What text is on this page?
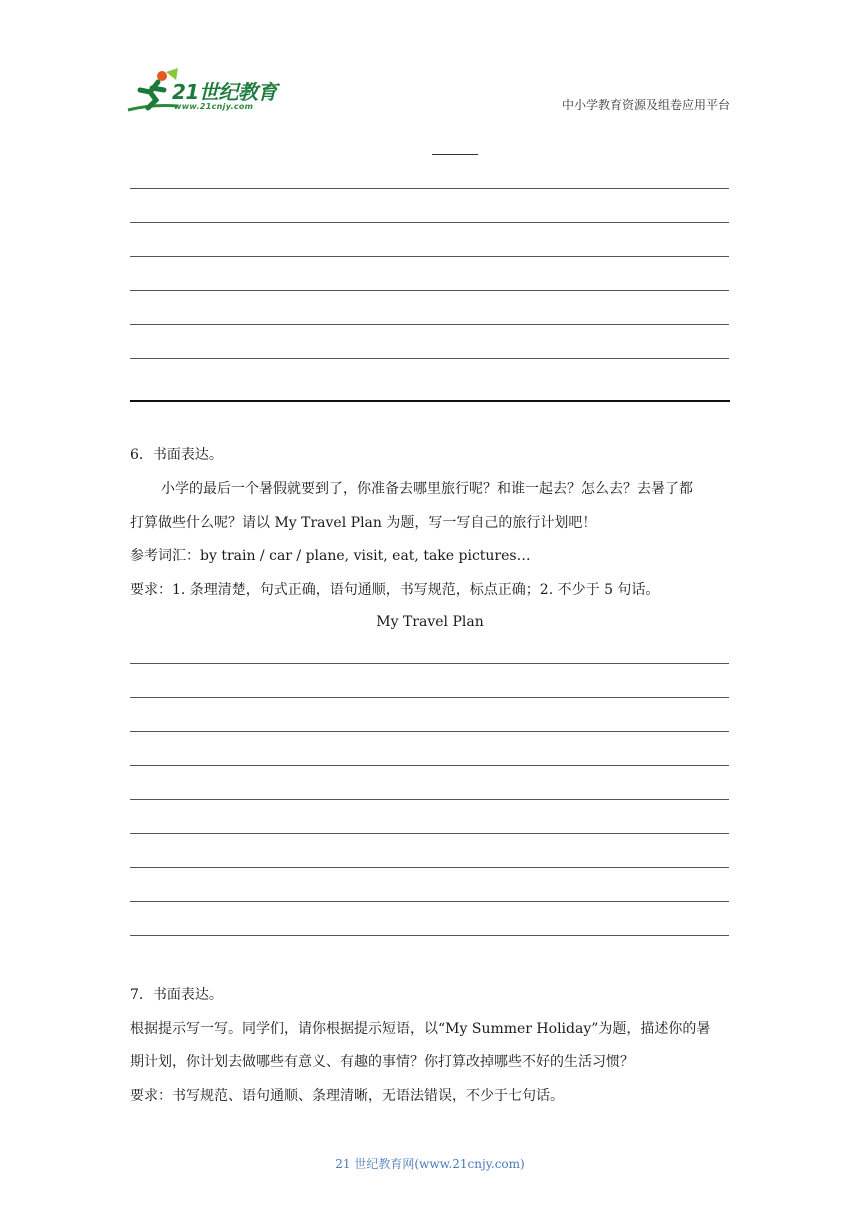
21世纪教育
www.21cnjy.com	中小学教育资源及组卷应用平台
6．书面表达。
小学的最后一个暑假就要到了，你准备去哪里旅行呢？和谁一起去？怎么去？去暑了都
打算做些什么呢？请以 My Travel Plan 为题，写一写自己的旅行计划吧！
参考词汇：by train / car / plane, visit, eat, take pictures…
要求：1. 条理清楚，句式正确，语句通顺，书写规范，标点正确；2. 不少于 5 句话。
My Travel Plan
7．书面表达。
根据提示写一写。同学们，请你根据提示短语，以“My Summer Holiday”为题，描述你的暑
期计划，你计划去做哪些有意义、有趣的事情？你打算改掉哪些不好的生活习惯？
要求：书写规范、语句通顺、条理清晰，无语法错误，不少于七句话。
21 世纪教育网(www.21cnjy.com)
